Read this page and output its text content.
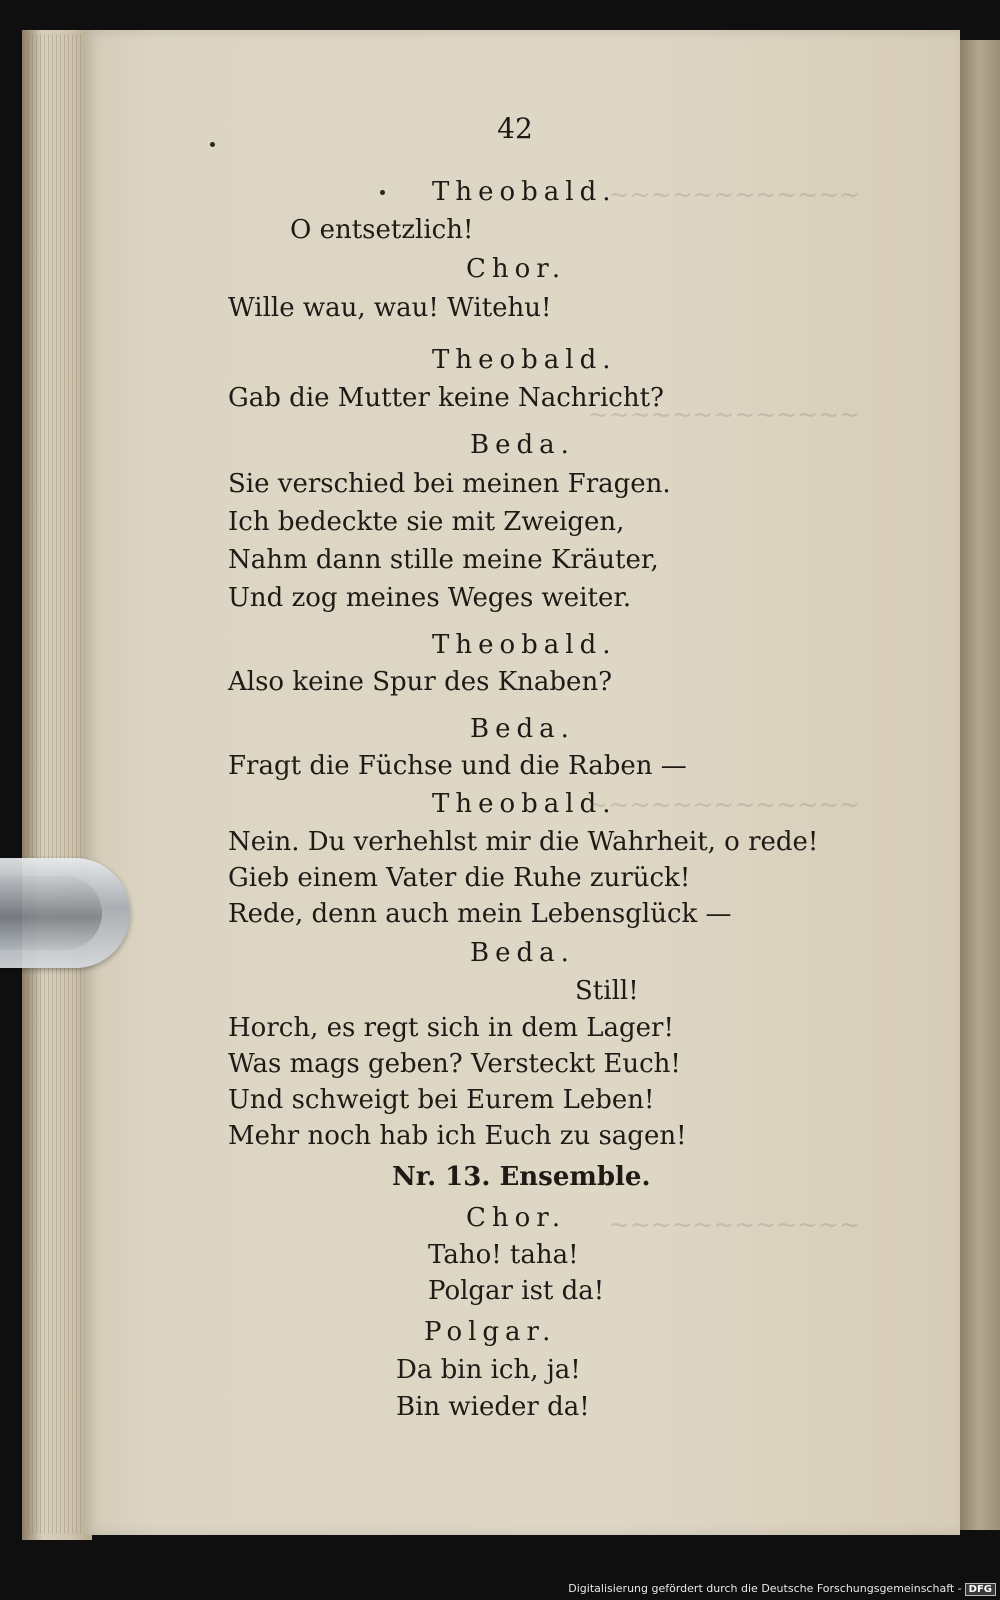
~~~~~~~~~~~~
~~~~~~~~~~~~~
~~~~~~~~~~~~~
~~~~~~~~~~~~
42
Theobald.
O entsetzlich!
Chor.
Wille wau, wau! Witehu!
Theobald.
Gab die Mutter keine Nachricht?
Beda.
Sie verschied bei meinen Fragen.
Ich bedeckte sie mit Zweigen,
Nahm dann stille meine Kräuter,
Und zog meines Weges weiter.
Theobald.
Also keine Spur des Knaben?
Beda.
Fragt die Füchse und die Raben —
Theobald.
Nein. Du verhehlst mir die Wahrheit, o rede!
Gieb einem Vater die Ruhe zurück!
Rede, denn auch mein Lebensglück —
Beda.
Still!
Horch, es regt sich in dem Lager!
Was mags geben? Versteckt Euch!
Und schweigt bei Eurem Leben!
Mehr noch hab ich Euch zu sagen!
Nr. 13. Ensemble.
Chor.
Taho! taha!
Polgar ist da!
Polgar.
Da bin ich, ja!
Bin wieder da!
Digitalisierung gefördert durch die Deutsche Forschungsgemeinschaft - DFG
